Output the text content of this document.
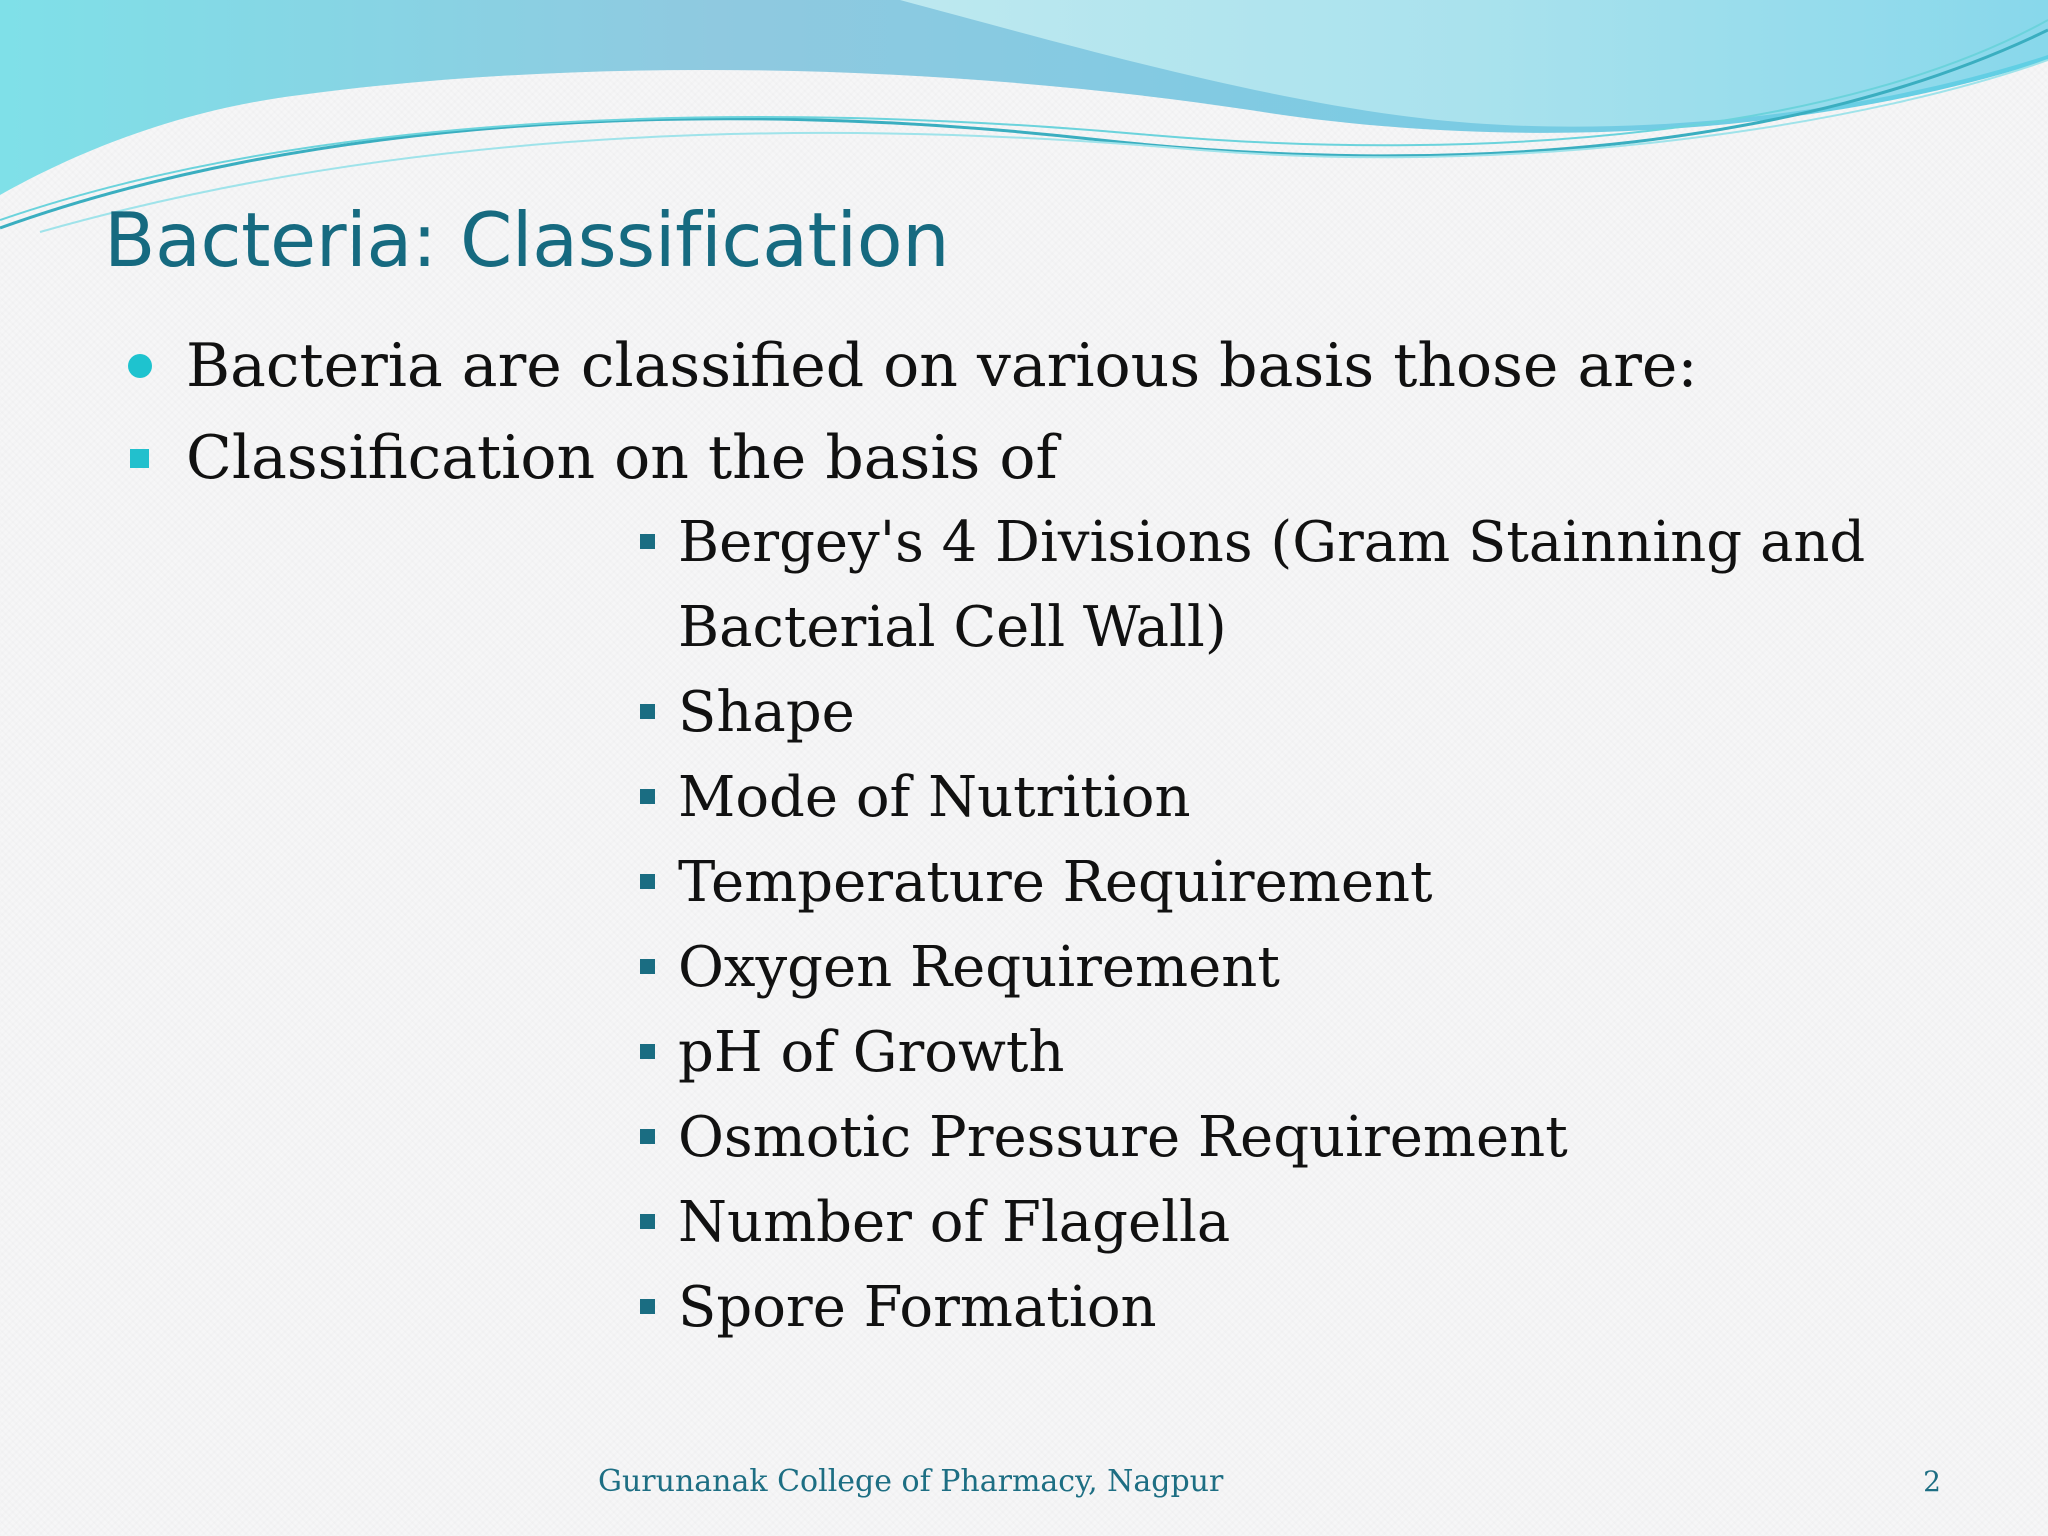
Bacteria: Classification
Bacteria are classified on various basis those are:
Classification on the basis of
Bergey's 4 Divisions (Gram Stainning and
Bacterial Cell Wall)
Shape
Mode of Nutrition
Temperature Requirement
Oxygen Requirement
pH of Growth
Osmotic Pressure Requirement
Number of Flagella
Spore Formation
Gurunanak College of Pharmacy, Nagpur	2
